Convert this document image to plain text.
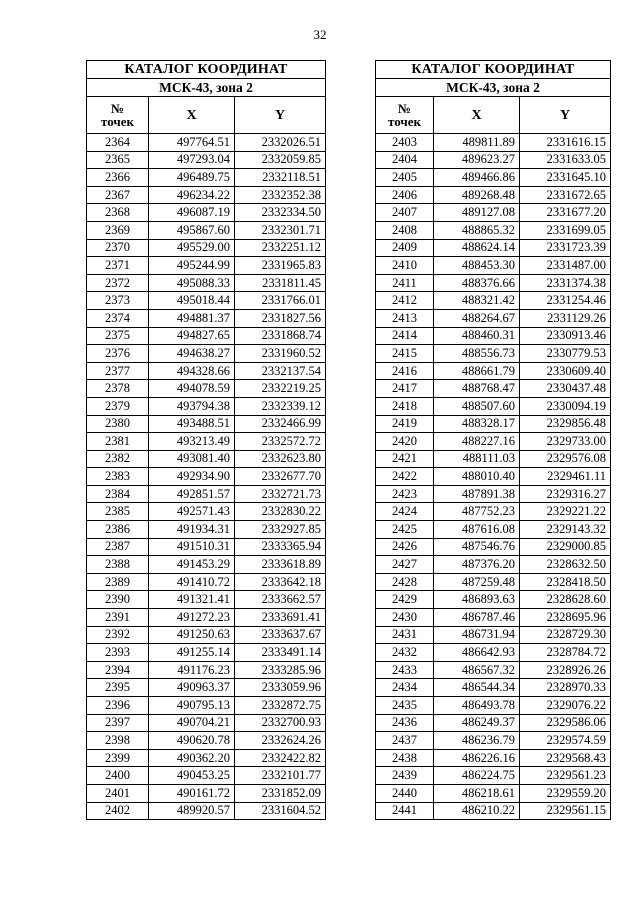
32
КАТАЛОГ КООРДИНАТ		
МСК-43, зона 2		
№
точек	X	Y
2364	497764.51	2332026.51
2365	497293.04	2332059.85
2366	496489.75	2332118.51
2367	496234.22	2332352.38
2368	496087.19	2332334.50
2369	495867.60	2332301.71
2370	495529.00	2332251.12
2371	495244.99	2331965.83
2372	495088.33	2331811.45
2373	495018.44	2331766.01
2374	494881.37	2331827.56
2375	494827.65	2331868.74
2376	494638.27	2331960.52
2377	494328.66	2332137.54
2378	494078.59	2332219.25
2379	493794.38	2332339.12
2380	493488.51	2332466.99
2381	493213.49	2332572.72
2382	493081.40	2332623.80
2383	492934.90	2332677.70
2384	492851.57	2332721.73
2385	492571.43	2332830.22
2386	491934.31	2332927.85
2387	491510.31	2333365.94
2388	491453.29	2333618.89
2389	491410.72	2333642.18
2390	491321.41	2333662.57
2391	491272.23	2333691.41
2392	491250.63	2333637.67
2393	491255.14	2333491.14
2394	491176.23	2333285.96
2395	490963.37	2333059.96
2396	490795.13	2332872.75
2397	490704.21	2332700.93
2398	490620.78	2332624.26
2399	490362.20	2332422.82
2400	490453.25	2332101.77
2401	490161.72	2331852.09
2402	489920.57	2331604.52
КАТАЛОГ КООРДИНАТ		
МСК-43, зона 2		
№
точек	X	Y
2403	489811.89	2331616.15
2404	489623.27	2331633.05
2405	489466.86	2331645.10
2406	489268.48	2331672.65
2407	489127.08	2331677.20
2408	488865.32	2331699.05
2409	488624.14	2331723.39
2410	488453.30	2331487.00
2411	488376.66	2331374.38
2412	488321.42	2331254.46
2413	488264.67	2331129.26
2414	488460.31	2330913.46
2415	488556.73	2330779.53
2416	488661.79	2330609.40
2417	488768.47	2330437.48
2418	488507.60	2330094.19
2419	488328.17	2329856.48
2420	488227.16	2329733.00
2421	488111.03	2329576.08
2422	488010.40	2329461.11
2423	487891.38	2329316.27
2424	487752.23	2329221.22
2425	487616.08	2329143.32
2426	487546.76	2329000.85
2427	487376.20	2328632.50
2428	487259.48	2328418.50
2429	486893.63	2328628.60
2430	486787.46	2328695.96
2431	486731.94	2328729.30
2432	486642.93	2328784.72
2433	486567.32	2328926.26
2434	486544.34	2328970.33
2435	486493.78	2329076.22
2436	486249.37	2329586.06
2437	486236.79	2329574.59
2438	486226.16	2329568.43
2439	486224.75	2329561.23
2440	486218.61	2329559.20
2441	486210.22	2329561.15
